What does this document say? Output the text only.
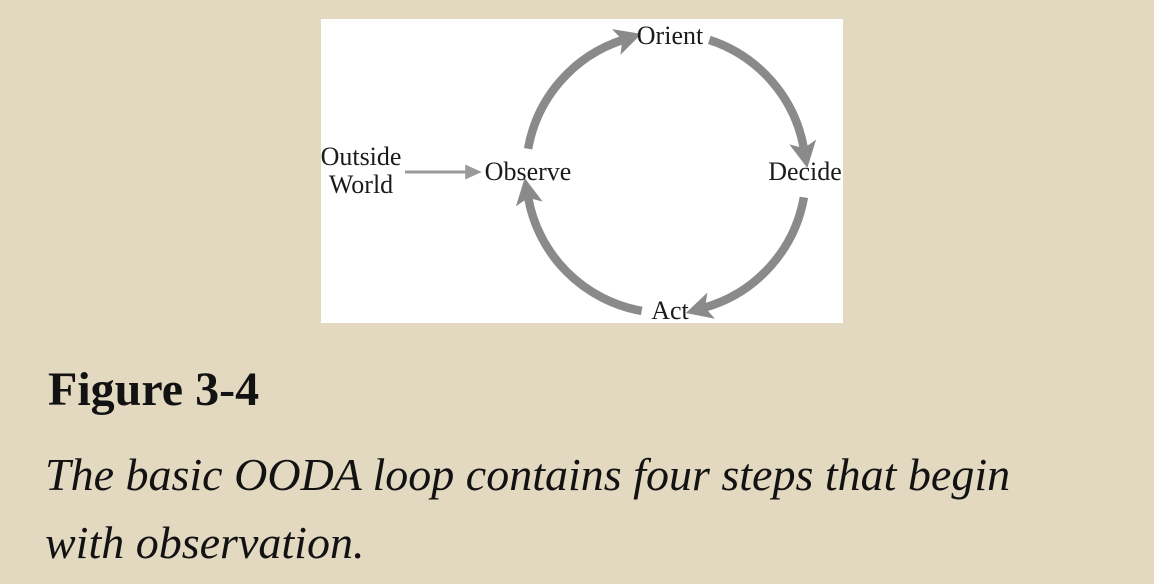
Orient
Decide
Act
Observe
Outside
World
Figure 3-4
The basic OODA loop contains four steps that begin
with observation.
